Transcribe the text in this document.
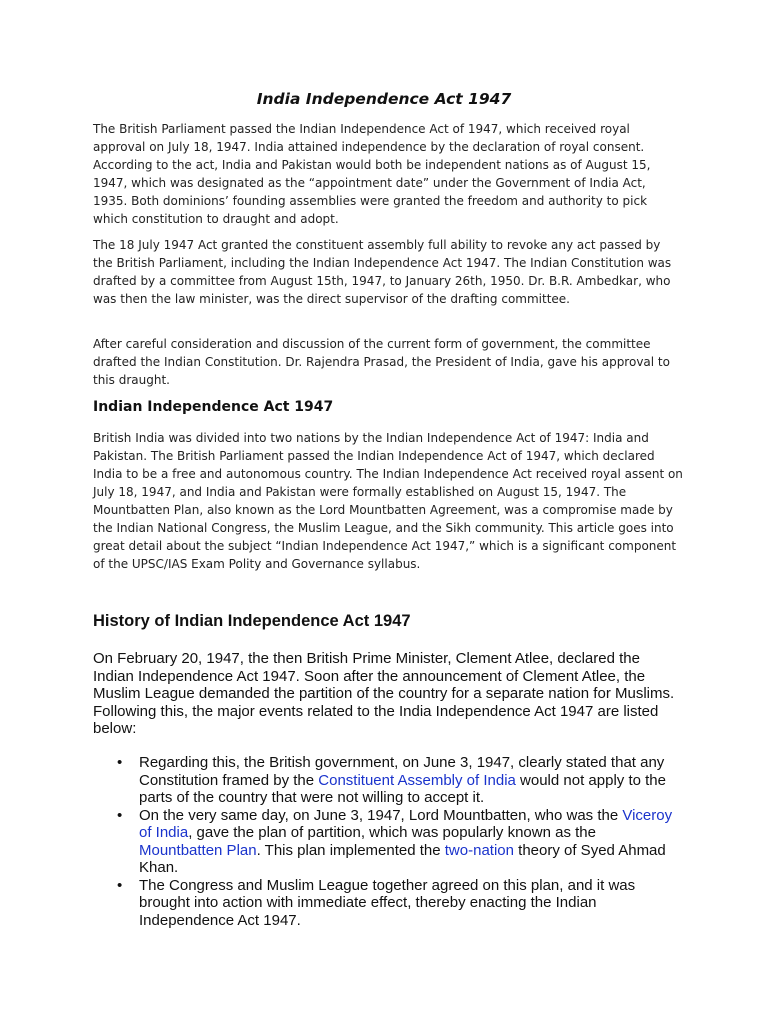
India Independence Act 1947

The British Parliament passed the Indian Independence Act of 1947, which received royal approval on July 18, 1947. India attained independence by the declaration of royal consent. According to the act, India and Pakistan would both be independent nations as of August 15, 1947, which was designated as the “appointment date” under the Government of India Act, 1935. Both dominions’ founding assemblies were granted the freedom and authority to pick which constitution to draught and adopt.

The 18 July 1947 Act granted the constituent assembly full ability to revoke any act passed by the British Parliament, including the Indian Independence Act 1947. The Indian Constitution was drafted by a committee from August 15th, 1947, to January 26th, 1950. Dr. B.R. Ambedkar, who was then the law minister, was the direct supervisor of the drafting committee.

After careful consideration and discussion of the current form of government, the committee drafted the Indian Constitution. Dr. Rajendra Prasad, the President of India, gave his approval to this draught.

Indian Independence Act 1947

British India was divided into two nations by the Indian Independence Act of 1947: India and Pakistan. The British Parliament passed the Indian Independence Act of 1947, which declared India to be a free and autonomous country. The Indian Independence Act received royal assent on July 18, 1947, and India and Pakistan were formally established on August 15, 1947. The Mountbatten Plan, also known as the Lord Mountbatten Agreement, was a compromise made by the Indian National Congress, the Muslim League, and the Sikh community. This article goes into great detail about the subject “Indian Independence Act 1947,” which is a significant component of the UPSC/IAS Exam Polity and Governance syllabus.

History of Indian Independence Act 1947

On February 20, 1947, the then British Prime Minister, Clement Atlee, declared the Indian Independence Act 1947. Soon after the announcement of Clement Atlee, the Muslim League demanded the partition of the country for a separate nation for Muslims. Following this, the major events related to the India Independence Act 1947 are listed below:

• Regarding this, the British government, on June 3, 1947, clearly stated that any Constitution framed by the Constituent Assembly of India would not apply to the parts of the country that were not willing to accept it.
• On the very same day, on June 3, 1947, Lord Mountbatten, who was the Viceroy of India, gave the plan of partition, which was popularly known as the Mountbatten Plan. This plan implemented the two-nation theory of Syed Ahmad Khan.
• The Congress and Muslim League together agreed on this plan, and it was brought into action with immediate effect, thereby enacting the Indian Independence Act 1947.
